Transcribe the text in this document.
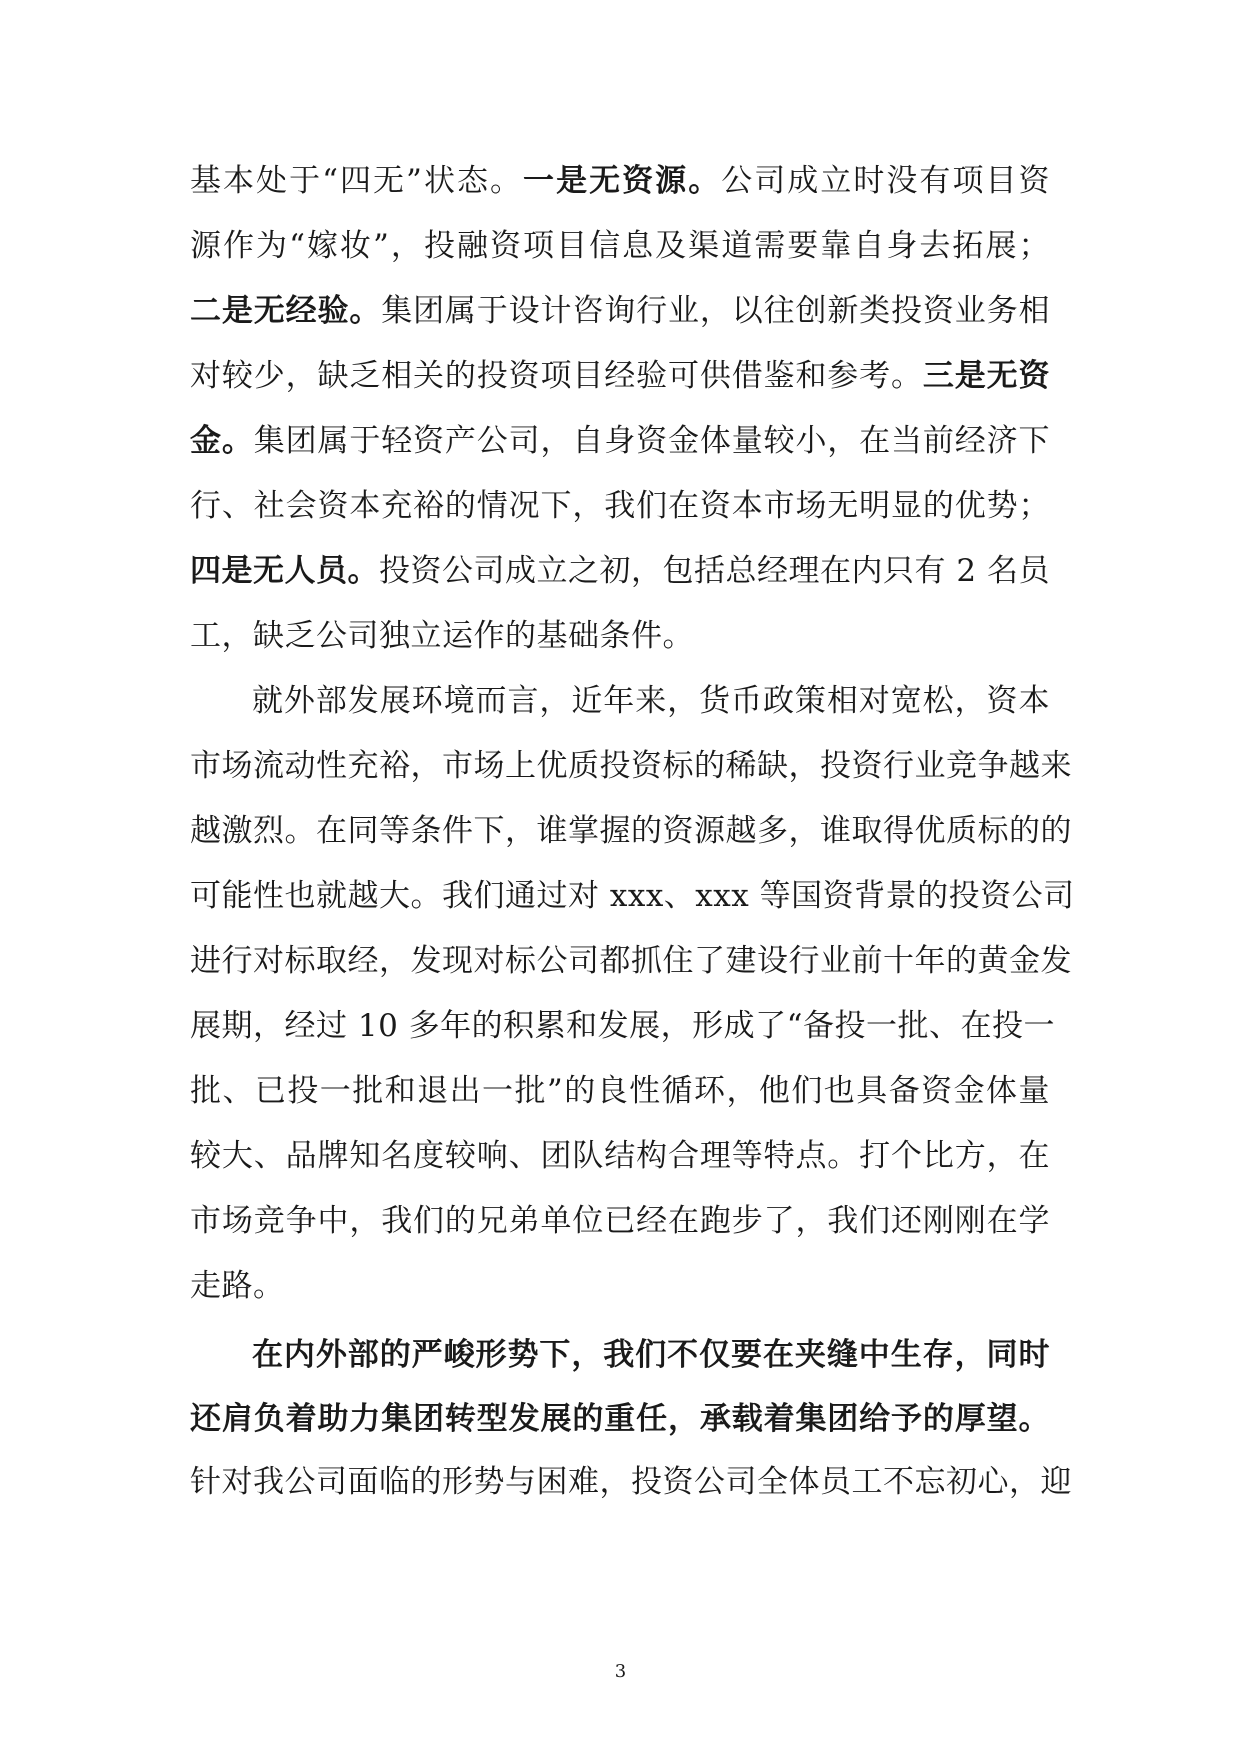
基本处于“四无”状态。一是无资源。公司成立时没有项目资
源作为“嫁妆”，投融资项目信息及渠道需要靠自身去拓展；
二是无经验。集团属于设计咨询行业，以往创新类投资业务相
对较少，缺乏相关的投资项目经验可供借鉴和参考。三是无资
金。集团属于轻资产公司，自身资金体量较小，在当前经济下
行、社会资本充裕的情况下，我们在资本市场无明显的优势；
四是无人员。投资公司成立之初，包括总经理在内只有 2 名员
工，缺乏公司独立运作的基础条件。
就外部发展环境而言，近年来，货币政策相对宽松，资本
市场流动性充裕，市场上优质投资标的稀缺，投资行业竞争越来
越激烈。在同等条件下，谁掌握的资源越多，谁取得优质标的的
可能性也就越大。我们通过对 xxx、xxx 等国资背景的投资公司
进行对标取经，发现对标公司都抓住了建设行业前十年的黄金发
展期，经过 10 多年的积累和发展，形成了“备投一批、在投一
批、已投一批和退出一批”的良性循环，他们也具备资金体量
较大、品牌知名度较响、团队结构合理等特点。打个比方，在
市场竞争中，我们的兄弟单位已经在跑步了，我们还刚刚在学
走路。
在内外部的严峻形势下，我们不仅要在夹缝中生存，同时
还肩负着助力集团转型发展的重任，承载着集团给予的厚望。
针对我公司面临的形势与困难，投资公司全体员工不忘初心，迎
3
